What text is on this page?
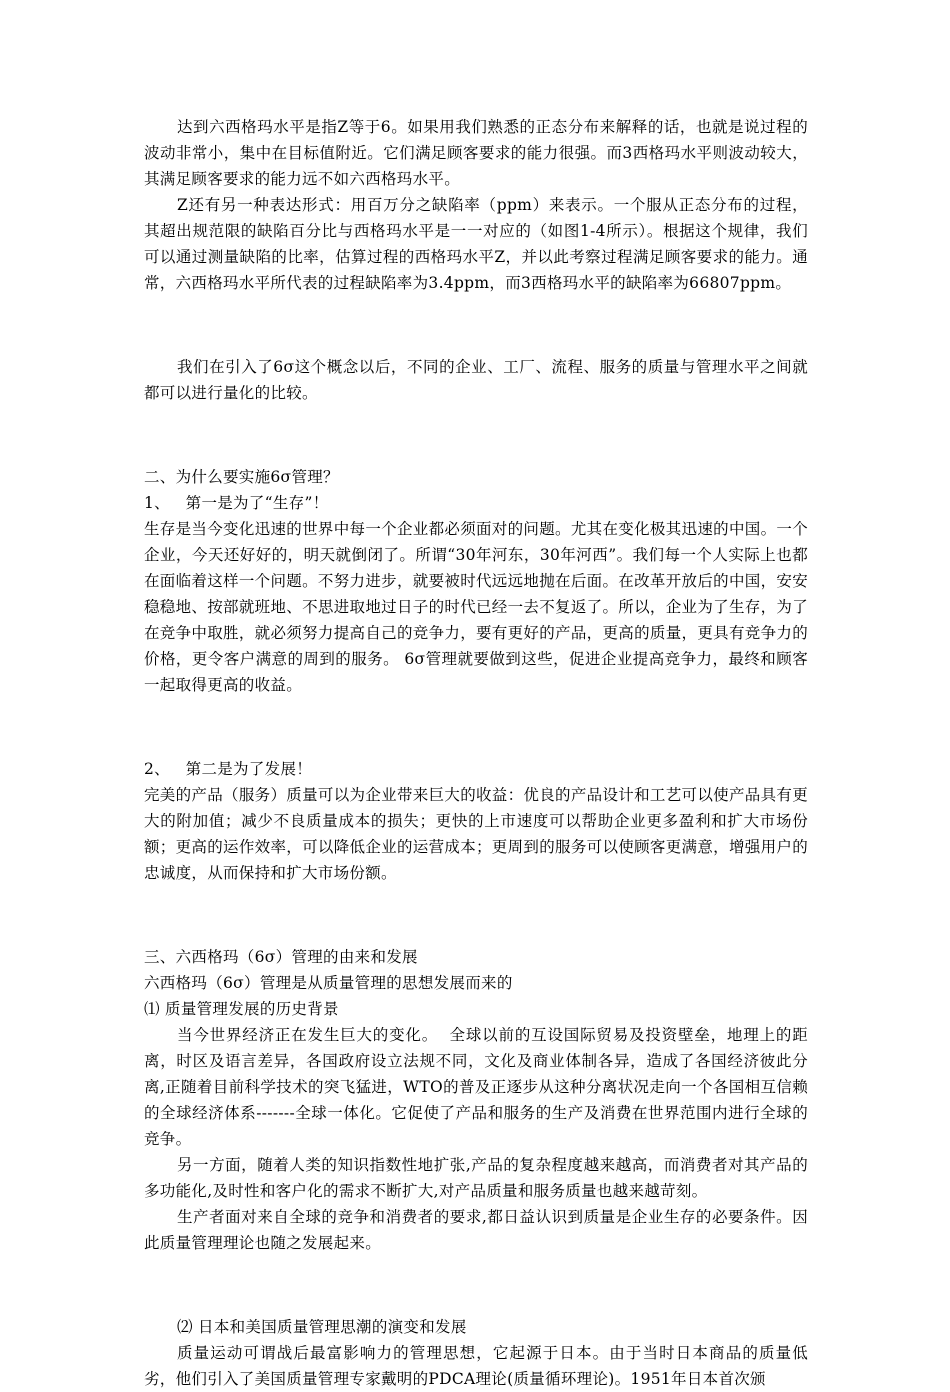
达到六西格玛水平是指Z等于6。如果用我们熟悉的正态分布来解释的话，也就是说过程的波动非常小，集中在目标值附近。它们满足顾客要求的能力很强。而3西格玛水平则波动较大，其满足顾客要求的能力远不如六西格玛水平。

Z还有另一种表达形式：用百万分之缺陷率（ppm）来表示。一个服从正态分布的过程，其超出规范限的缺陷百分比与西格玛水平是一一对应的（如图1-4所示）。根据这个规律，我们可以通过测量缺陷的比率，估算过程的西格玛水平Z，并以此考察过程满足顾客要求的能力。通常，六西格玛水平所代表的过程缺陷率为3.4ppm，而3西格玛水平的缺陷率为66807ppm。

我们在引入了6σ这个概念以后，不同的企业、工厂、流程、服务的质量与管理水平之间就都可以进行量化的比较。

二、为什么要实施6σ管理？

1、   第一是为了“生存”！

生存是当今变化迅速的世界中每一个企业都必须面对的问题。尤其在变化极其迅速的中国。一个企业，今天还好好的，明天就倒闭了。所谓“30年河东，30年河西”。我们每一个人实际上也都在面临着这样一个问题。不努力进步，就要被时代远远地抛在后面。在改革开放后的中国，安安稳稳地、按部就班地、不思进取地过日子的时代已经一去不复返了。所以，企业为了生存，为了在竞争中取胜，就必须努力提高自己的竞争力，要有更好的产品，更高的质量，更具有竞争力的价格，更令客户满意的周到的服务。 6σ管理就要做到这些，促进企业提高竞争力，最终和顾客一起取得更高的收益。

2、   第二是为了发展！

完美的产品（服务）质量可以为企业带来巨大的收益：优良的产品设计和工艺可以使产品具有更大的附加值；减少不良质量成本的损失；更快的上市速度可以帮助企业更多盈利和扩大市场份额；更高的运作效率，可以降低企业的运营成本；更周到的服务可以使顾客更满意，增强用户的忠诚度，从而保持和扩大市场份额。

三、六西格玛（6σ）管理的由来和发展

六西格玛（6σ）管理是从质量管理的思想发展而来的

⑴ 质量管理发展的历史背景

当今世界经济正在发生巨大的变化。  全球以前的互设国际贸易及投资壁垒，地理上的距离，时区及语言差异，各国政府设立法规不同，文化及商业体制各异，造成了各国经济彼此分离,正随着目前科学技术的突飞猛进，WTO的普及正逐步从这种分离状况走向一个各国相互信赖的全球经济体系-------全球一体化。它促使了产品和服务的生产及消费在世界范围内进行全球的竞争。

另一方面，随着人类的知识指数性地扩张,产品的复杂程度越来越高，而消费者对其产品的多功能化,及时性和客户化的需求不断扩大,对产品质量和服务质量也越来越苛刻。

生产者面对来自全球的竞争和消费者的要求,都日益认识到质量是企业生存的必要条件。因此质量管理理论也随之发展起来。

⑵ 日本和美国质量管理思潮的演变和发展

质量运动可谓战后最富影响力的管理思想，它起源于日本。由于当时日本商品的质量低劣，他们引入了美国质量管理专家戴明的PDCA理论(质量循环理论)。1951年日本首次颁
